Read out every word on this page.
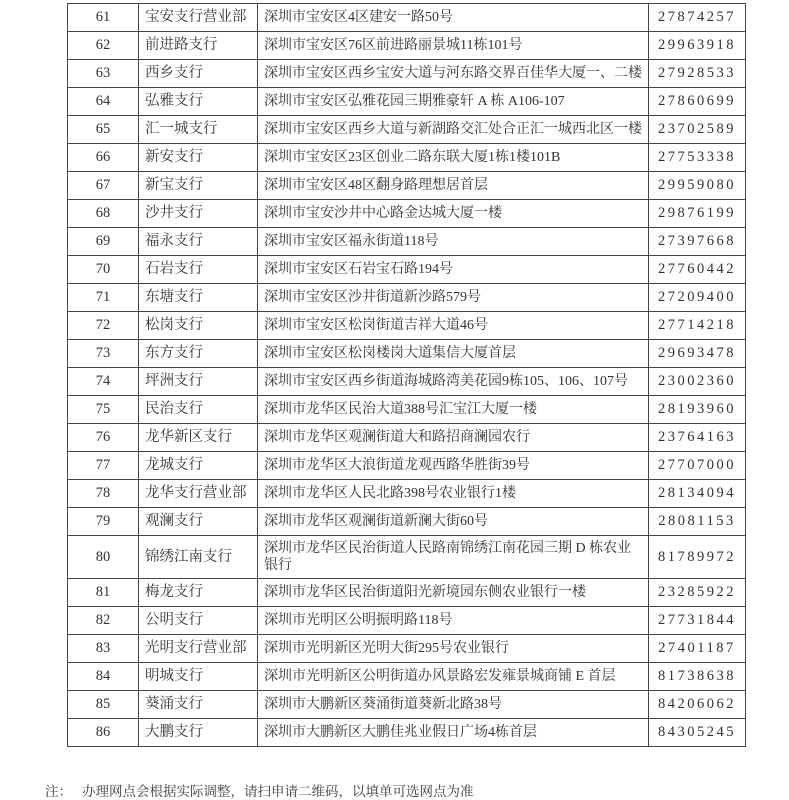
61	宝安支行营业部	深圳市宝安区4区建安一路50号	27874257
62	前进路支行	深圳市宝安区76区前进路丽景城11栋101号	29963918
63	西乡支行	深圳市宝安区西乡宝安大道与河东路交界百佳华大厦一、二楼	27928533
64	弘雅支行	深圳市宝安区弘雅花园三期雅豪轩 A 栋 A106-107	27860699
65	汇一城支行	深圳市宝安区西乡大道与新湖路交汇处合正汇一城西北区一楼	23702589
66	新安支行	深圳市宝安区23区创业二路东联大厦1栋1楼101B	27753338
67	新宝支行	深圳市宝安区48区翻身路理想居首层	29959080
68	沙井支行	深圳市宝安沙井中心路金达城大厦一楼	29876199
69	福永支行	深圳市宝安区福永街道118号	27397668
70	石岩支行	深圳市宝安区石岩宝石路194号	27760442
71	东塘支行	深圳市宝安区沙井街道新沙路579号	27209400
72	松岗支行	深圳市宝安区松岗街道吉祥大道46号	27714218
73	东方支行	深圳市宝安区松岗楼岗大道集信大厦首层	29693478
74	坪洲支行	深圳市宝安区西乡街道海城路湾美花园9栋105、106、107号	23002360
75	民治支行	深圳市龙华区民治大道388号汇宝江大厦一楼	28193960
76	龙华新区支行	深圳市龙华区观澜街道大和路招商澜园农行	23764163
77	龙城支行	深圳市龙华区大浪街道龙观西路华胜街39号	27707000
78	龙华支行营业部	深圳市龙华区人民北路398号农业银行1楼	28134094
79	观澜支行	深圳市龙华区观澜街道新澜大街60号	28081153
80	锦绣江南支行	深圳市龙华区民治街道人民路南锦绣江南花园三期 D 栋农业银行	81789972
81	梅龙支行	深圳市龙华区民治街道阳光新境园东侧农业银行一楼	23285922
82	公明支行	深圳市光明区公明振明路118号	27731844
83	光明支行营业部	深圳市光明新区光明大街295号农业银行	27401187
84	明城支行	深圳市光明新区公明街道办风景路宏发雍景城商铺 E 首层	81738638
85	葵涌支行	深圳市大鹏新区葵涌街道葵新北路38号	84206062
86	大鹏支行	深圳市大鹏新区大鹏佳兆业假日广场4栋首层	84305245
注： 办理网点会根据实际调整，请扫申请二维码，以填单可选网点为准
